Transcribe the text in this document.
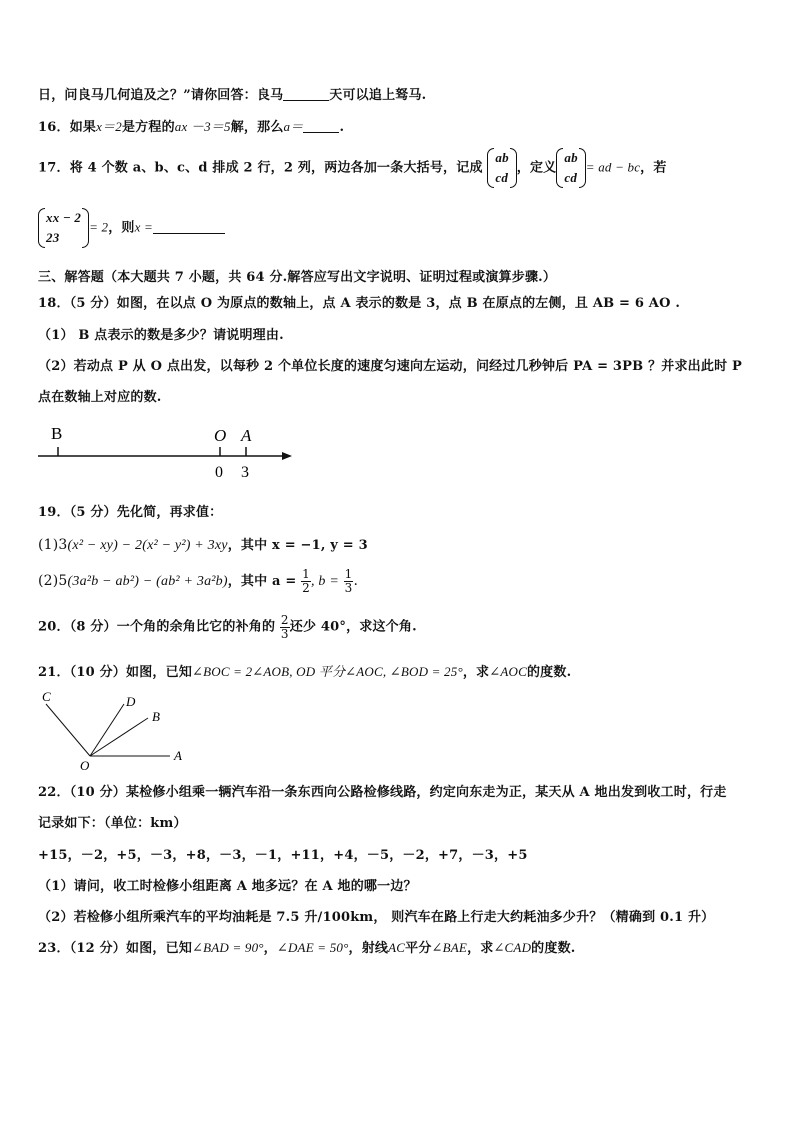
日，问良马几何追及之？”请你回答：良马	天可以追上驽马.
16．如果x＝2是方程的ax －3＝5解，那么a＝	.
17．将 4 个数 a、b、c、d 排成 2 行，2 列，两边各加一条大括号，记成
ab
cd
，定义
ab
cd
= ad − bc，若
xx − 2
23
= 2，则x =
三、解答题（本大题共 7 小题，共 64 分.解答应写出文字说明、证明过程或演算步骤.）
18．（5 分）如图，在以点 O 为原点的数轴上，点 A 表示的数是 3，点 B 在原点的左侧，且 AB = 6 AO .
（1） B 点表示的数是多少？请说明理由.
（2）若动点 P 从 O 点出发，以每秒 2 个单位长度的速度匀速向左运动，问经过几秒钟后 PA = 3PB ？并求出此时 P
点在数轴上对应的数.
B	O A
0 3
19．（5 分）先化简，再求值：
(1)3(x² − xy) − 2(x² − y²) + 3xy，其中 x = −1, y = 3
(2)5(3a²b − ab²) − (ab² + 3a²b)，其中 $a = \frac{1}{2}$ , $b = \frac{1}{3}$ .
20．（8 分）一个角的余角比它的补角的 $\frac{2}{3}$ 还少 40°，求这个角.
21．（10 分）如图，已知∠BOC = 2∠AOB, OD 平分∠AOC, ∠BOD = 25°，求∠AOC的度数.
C	D
B
A
O
22．（10 分）某检修小组乘一辆汽车沿一条东西向公路检修线路，约定向东走为正，某天从 A 地出发到收工时，行走
记录如下：（单位：km）
+15，－2，+5，－3，+8，－3，－1，+11，+4，－5，－2，+7，－3，+5
（1）请问，收工时检修小组距离 A 地多远？在 A 地的哪一边？
（2）若检修小组所乘汽车的平均油耗是 7.5 升/100km， 则汽车在路上行走大约耗油多少升？（精确到 0.1 升）
23．（12 分）如图，已知∠BAD = 90°，∠DAE = 50°，射线AC平分∠BAE，求∠CAD的度数.
